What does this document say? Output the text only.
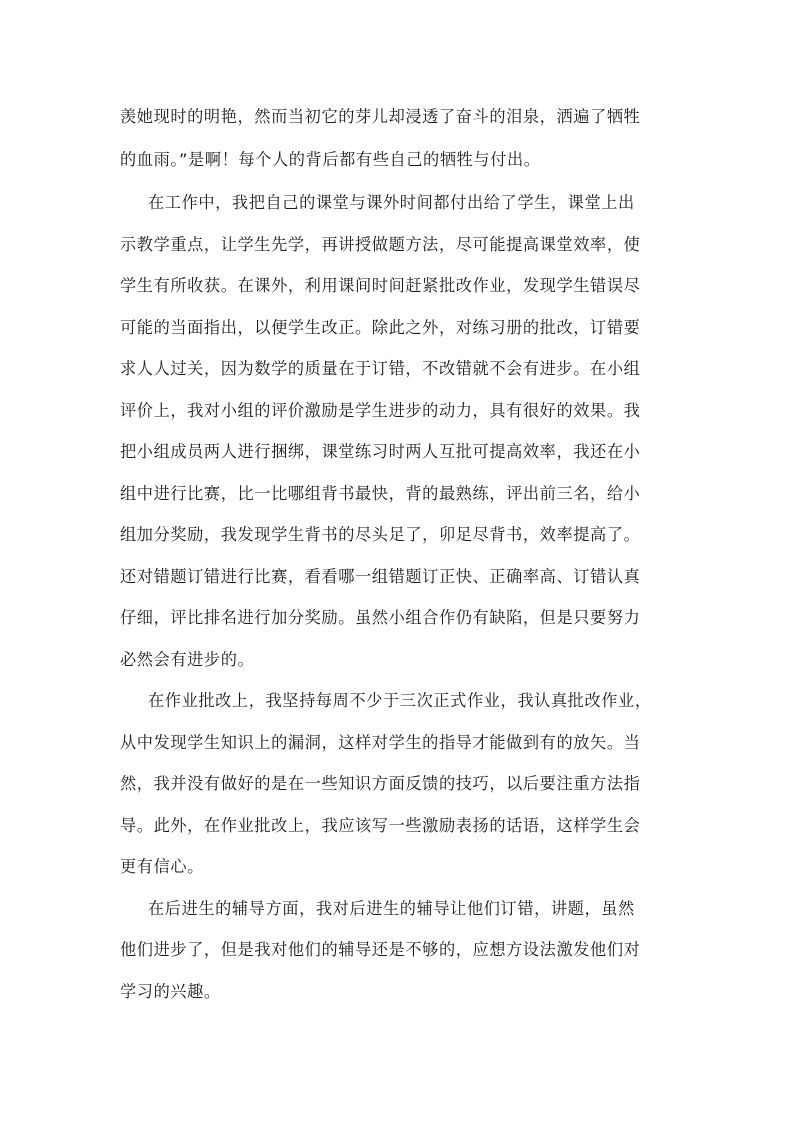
羡她现时的明艳，然而当初它的芽儿却浸透了奋斗的泪泉，洒遍了牺牲
的血雨。”是啊！每个人的背后都有些自己的牺牲与付出。
在工作中，我把自己的课堂与课外时间都付出给了学生，课堂上出
示教学重点，让学生先学，再讲授做题方法，尽可能提高课堂效率，使
学生有所收获。在课外，利用课间时间赶紧批改作业，发现学生错误尽
可能的当面指出，以便学生改正。除此之外，对练习册的批改，订错要
求人人过关，因为数学的质量在于订错，不改错就不会有进步。在小组
评价上，我对小组的评价激励是学生进步的动力，具有很好的效果。我
把小组成员两人进行捆绑，课堂练习时两人互批可提高效率，我还在小
组中进行比赛，比一比哪组背书最快，背的最熟练，评出前三名，给小
组加分奖励，我发现学生背书的尽头足了，卯足尽背书，效率提高了。
还对错题订错进行比赛，看看哪一组错题订正快、正确率高、订错认真
仔细，评比排名进行加分奖励。虽然小组合作仍有缺陷，但是只要努力
必然会有进步的。
在作业批改上，我坚持每周不少于三次正式作业，我认真批改作业，
从中发现学生知识上的漏洞，这样对学生的指导才能做到有的放矢。当
然，我并没有做好的是在一些知识方面反馈的技巧，以后要注重方法指
导。此外，在作业批改上，我应该写一些激励表扬的话语，这样学生会
更有信心。
在后进生的辅导方面，我对后进生的辅导让他们订错，讲题，虽然
他们进步了，但是我对他们的辅导还是不够的，应想方设法激发他们对
学习的兴趣。
